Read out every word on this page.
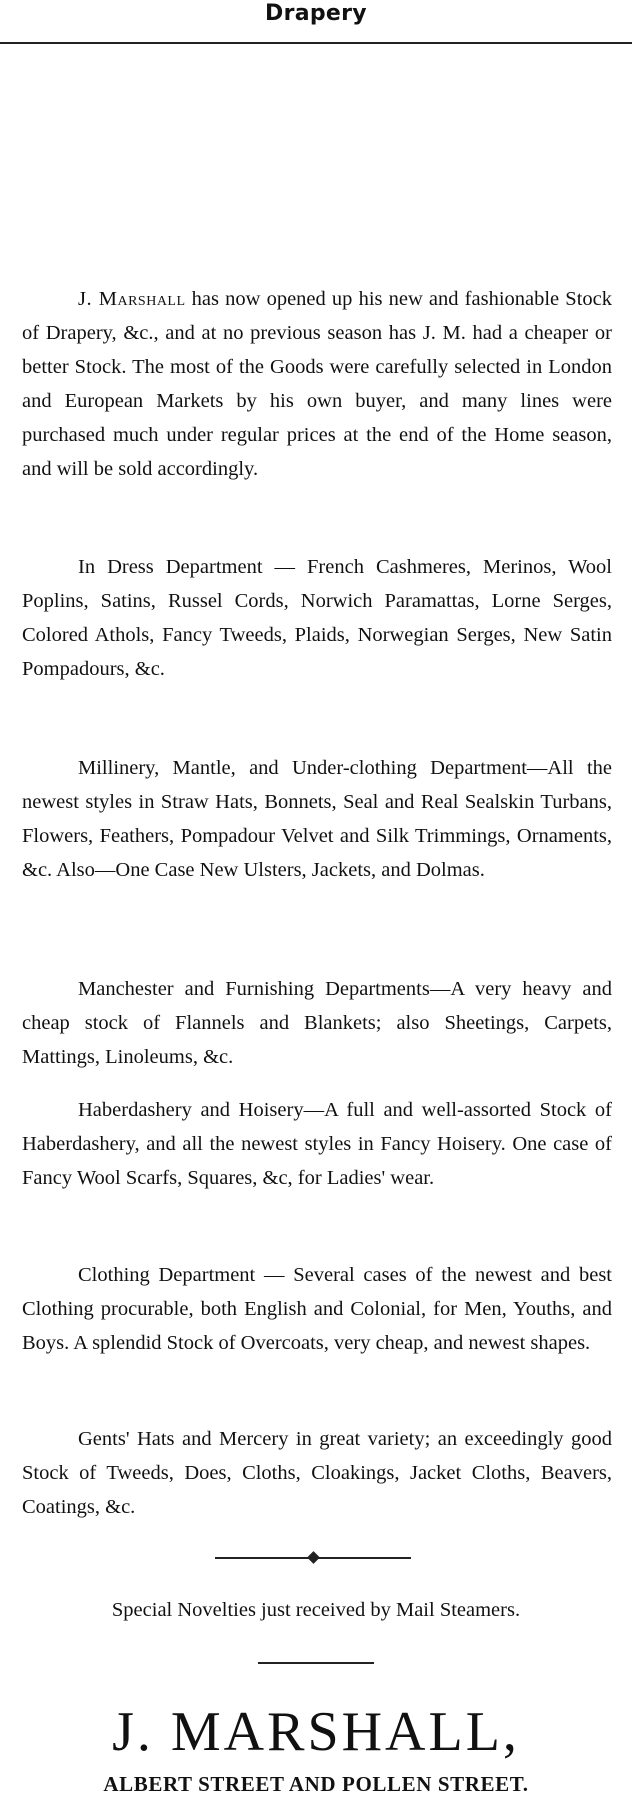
Drapery
J. Marshall has now opened up his new and fashionable Stock of Drapery, &c., and at no previous season has J. M. had a cheaper or better Stock. The most of the Goods were carefully selected in London and European Markets by his own buyer, and many lines were purchased much under regular prices at the end of the Home season, and will be sold accordingly.
In Dress Department — French Cashmeres, Merinos, Wool Poplins, Satins, Russel Cords, Norwich Paramattas, Lorne Serges, Colored Athols, Fancy Tweeds, Plaids, Norwegian Serges, New Satin Pompadours, &c.
Millinery, Mantle, and Under-clothing Department—All the newest styles in Straw Hats, Bonnets, Seal and Real Sealskin Turbans, Flowers, Feathers, Pompadour Velvet and Silk Trimmings, Ornaments, &c. Also—One Case New Ulsters, Jackets, and Dolmas.
Manchester and Furnishing Departments—A very heavy and cheap stock of Flannels and Blankets; also Sheetings, Carpets, Mattings, Linoleums, &c.
Haberdashery and Hoisery—A full and well-assorted Stock of Haberdashery, and all the newest styles in Fancy Hoisery. One case of Fancy Wool Scarfs, Squares, &c, for Ladies' wear.
Clothing Department — Several cases of the newest and best Clothing procurable, both English and Colonial, for Men, Youths, and Boys. A splendid Stock of Overcoats, very cheap, and newest shapes.
Gents' Hats and Mercery in great variety; an exceedingly good Stock of Tweeds, Does, Cloths, Cloakings, Jacket Cloths, Beavers, Coatings, &c.
Special Novelties just received by Mail Steamers.
J. MARSHALL,
ALBERT STREET AND POLLEN STREET.
